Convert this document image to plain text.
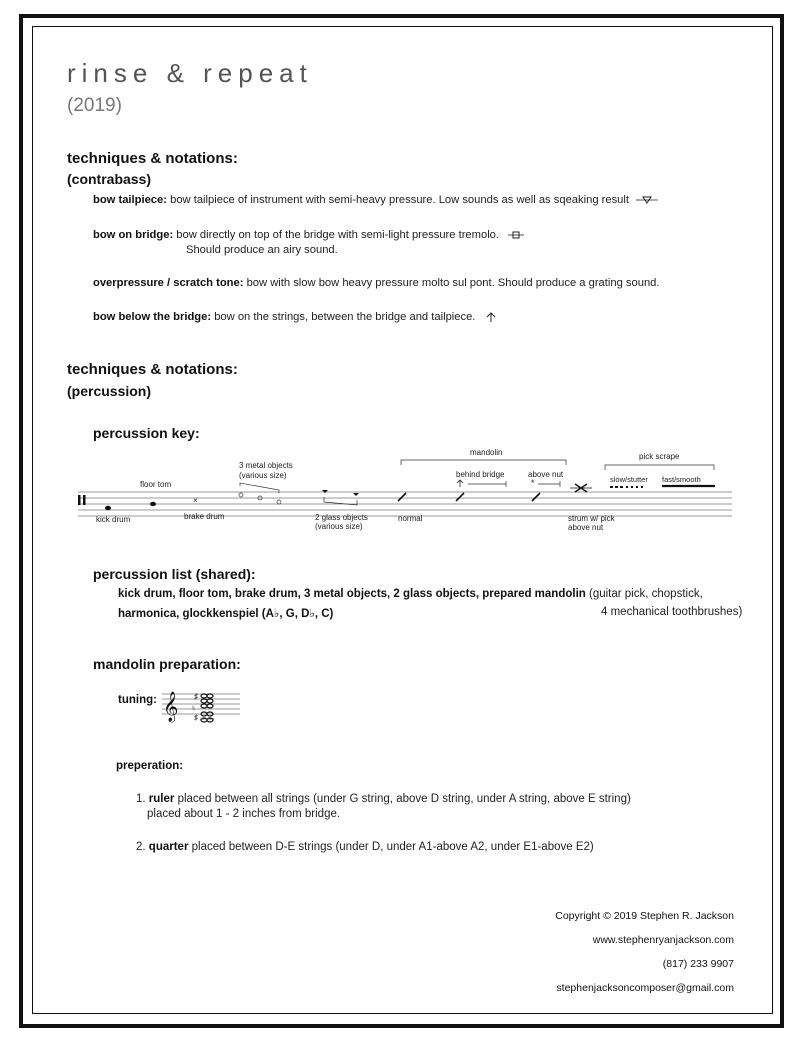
rinse & repeat
(2019)
techniques & notations:
(contrabass)
bow tailpiece: bow tailpiece of instrument with semi-heavy pressure. Low sounds as well as sqeaking result
bow on bridge: bow directly on top of the bridge with semi-light pressure tremolo.
Should produce an airy sound.
overpressure / scratch tone: bow with slow bow heavy pressure molto sul pont. Should produce a grating sound.
bow below the bridge: bow on the strings, between the bridge and tailpiece.
techniques & notations:
(percussion)
percussion key:
kick drum
floor tom
×
brake drum
3 metal objects
(various size)
2 glass objects
(various size)
mandolin
normal
behind bridge	above nut
*
strum w/ pick
above nut
pick scrape
slow/stutter fast/smooth
percussion list (shared):
kick drum, floor tom, brake drum, 3 metal objects, 2 glass objects, prepared mandolin (guitar pick, chopstick,
harmonica, glockkenspiel (A♭, G, D♭, C)	4 mechanical toothbrushes)
mandolin preparation:
tuning: 𝄞 ♯
♯
♮
preperation:
1. ruler placed between all strings (under G string, above D string, under A string, above E string)
placed about 1 - 2 inches from bridge.
2. quarter placed between D-E strings (under D, under A1-above A2, under E1-above E2)
Copyright © 2019 Stephen R. Jackson
www.stephenryanjackson.com
(817) 233 9907
stephenjacksoncomposer@gmail.com
